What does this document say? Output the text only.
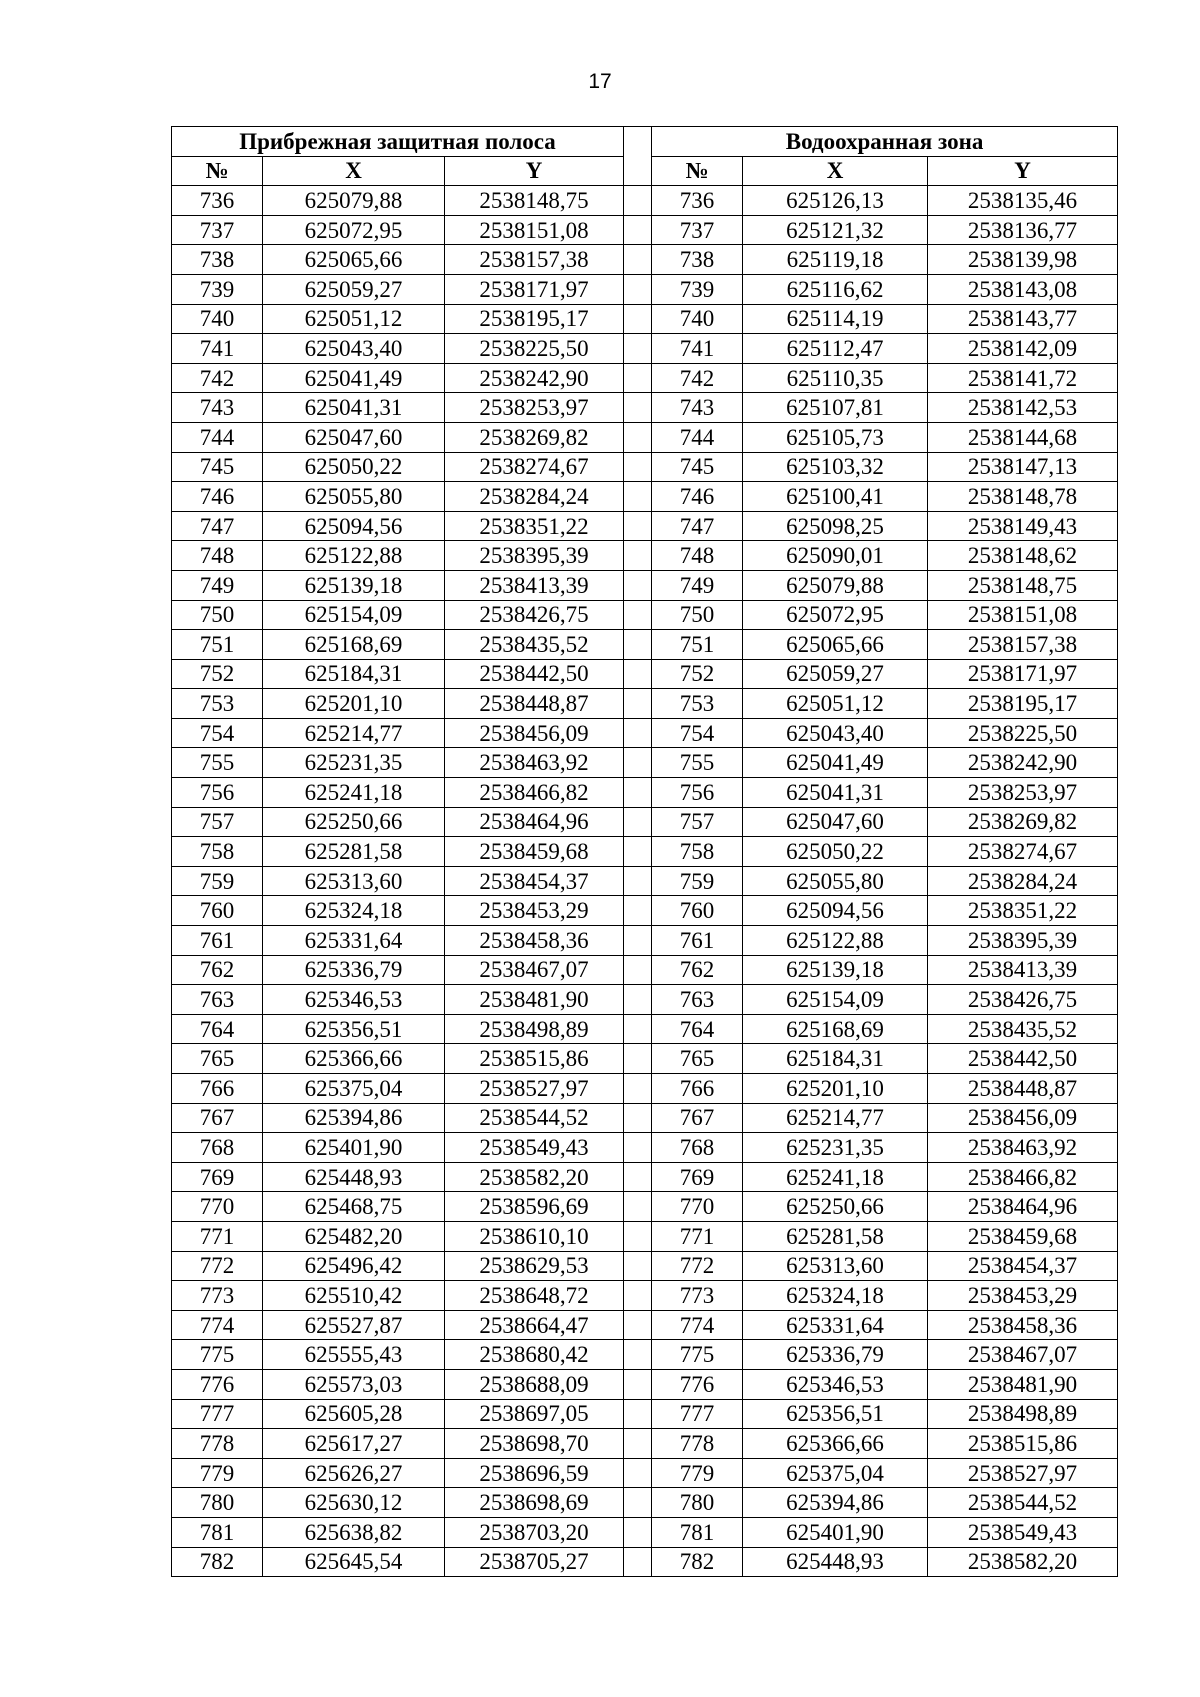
17
Прибрежная защитная полоса				Водоохранная зона		
№	X	Y		№	X	Y
736	625079,88	2538148,75		736	625126,13	2538135,46
737	625072,95	2538151,08		737	625121,32	2538136,77
738	625065,66	2538157,38		738	625119,18	2538139,98
739	625059,27	2538171,97		739	625116,62	2538143,08
740	625051,12	2538195,17		740	625114,19	2538143,77
741	625043,40	2538225,50		741	625112,47	2538142,09
742	625041,49	2538242,90		742	625110,35	2538141,72
743	625041,31	2538253,97		743	625107,81	2538142,53
744	625047,60	2538269,82		744	625105,73	2538144,68
745	625050,22	2538274,67		745	625103,32	2538147,13
746	625055,80	2538284,24		746	625100,41	2538148,78
747	625094,56	2538351,22		747	625098,25	2538149,43
748	625122,88	2538395,39		748	625090,01	2538148,62
749	625139,18	2538413,39		749	625079,88	2538148,75
750	625154,09	2538426,75		750	625072,95	2538151,08
751	625168,69	2538435,52		751	625065,66	2538157,38
752	625184,31	2538442,50		752	625059,27	2538171,97
753	625201,10	2538448,87		753	625051,12	2538195,17
754	625214,77	2538456,09		754	625043,40	2538225,50
755	625231,35	2538463,92		755	625041,49	2538242,90
756	625241,18	2538466,82		756	625041,31	2538253,97
757	625250,66	2538464,96		757	625047,60	2538269,82
758	625281,58	2538459,68		758	625050,22	2538274,67
759	625313,60	2538454,37		759	625055,80	2538284,24
760	625324,18	2538453,29		760	625094,56	2538351,22
761	625331,64	2538458,36		761	625122,88	2538395,39
762	625336,79	2538467,07		762	625139,18	2538413,39
763	625346,53	2538481,90		763	625154,09	2538426,75
764	625356,51	2538498,89		764	625168,69	2538435,52
765	625366,66	2538515,86		765	625184,31	2538442,50
766	625375,04	2538527,97		766	625201,10	2538448,87
767	625394,86	2538544,52		767	625214,77	2538456,09
768	625401,90	2538549,43		768	625231,35	2538463,92
769	625448,93	2538582,20		769	625241,18	2538466,82
770	625468,75	2538596,69		770	625250,66	2538464,96
771	625482,20	2538610,10		771	625281,58	2538459,68
772	625496,42	2538629,53		772	625313,60	2538454,37
773	625510,42	2538648,72		773	625324,18	2538453,29
774	625527,87	2538664,47		774	625331,64	2538458,36
775	625555,43	2538680,42		775	625336,79	2538467,07
776	625573,03	2538688,09		776	625346,53	2538481,90
777	625605,28	2538697,05		777	625356,51	2538498,89
778	625617,27	2538698,70		778	625366,66	2538515,86
779	625626,27	2538696,59		779	625375,04	2538527,97
780	625630,12	2538698,69		780	625394,86	2538544,52
781	625638,82	2538703,20		781	625401,90	2538549,43
782	625645,54	2538705,27		782	625448,93	2538582,20
